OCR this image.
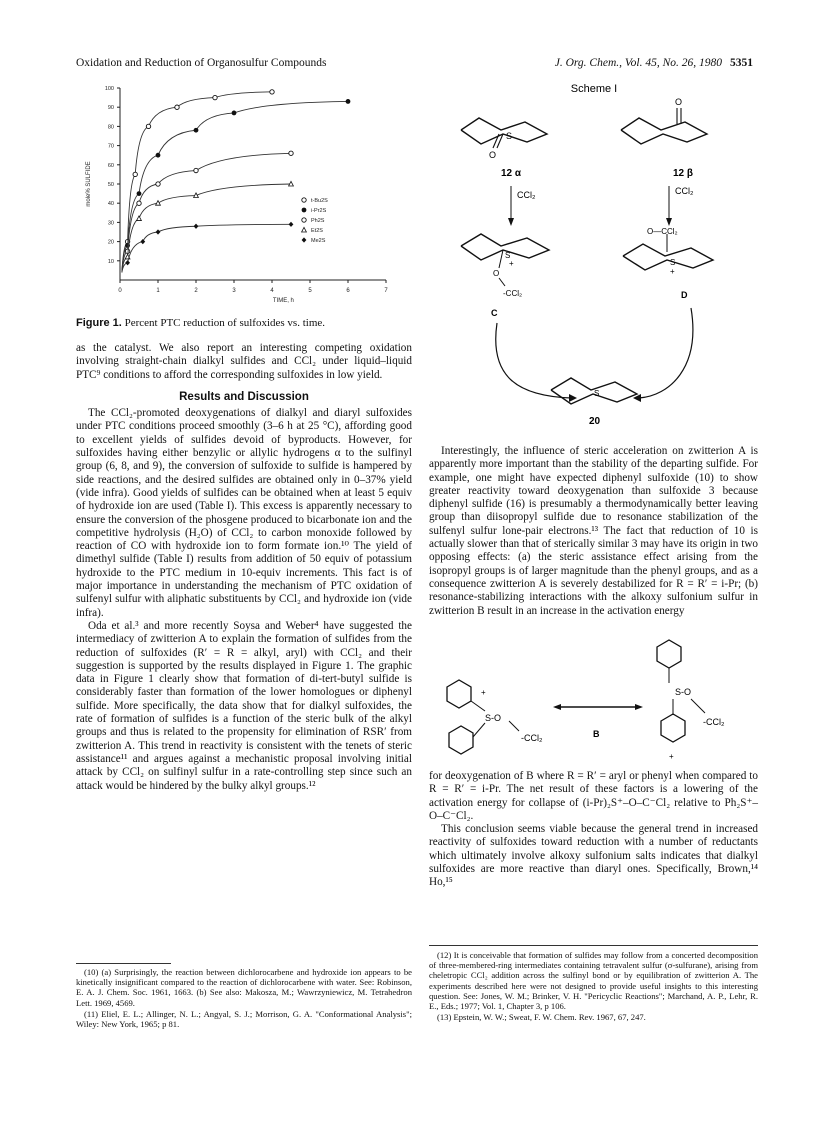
Oxidation and Reduction of Organosulfur Compounds	J. Org. Chem., Vol. 45, No. 26, 1980 5351
0	1	2	3	4	5	6	7
10
20
30
40
50
60
70
80
90
100
TIME, h
mole% SULFIDE	t-Bu2S
i-Pr2S
Ph2S
Et2S
Me2S
Figure 1. Percent PTC reduction of sulfoxides vs. time.

as the catalyst. We also report an interesting competing oxidation involving straight-chain dialkyl sulfides and CCl₂ under liquid–liquid PTC⁹ conditions to afford the corresponding sulfoxides in low yield.

Results and Discussion

The CCl₂-promoted deoxygenations of dialkyl and diaryl sulfoxides under PTC conditions proceed smoothly (3–6 h at 25 °C), affording good to excellent yields of sulfides devoid of byproducts. However, for sulfoxides having either benzylic or allylic hydrogens α to the sulfinyl group (6, 8, and 9), the conversion of sulfoxide to sulfide is hampered by side reactions, and the desired sulfides are obtained only in 0–37% yield (vide infra). Good yields of sulfides can be obtained when at least 5 equiv of hydroxide ion are used (Table I). This excess is apparently necessary to ensure the conversion of the phosgene produced to bicarbonate ion and the competitive hydrolysis (H₂O) of CCl₂ to carbon monoxide followed by reaction of CO with hydroxide ion to form formate ion.¹⁰ The yield of dimethyl sulfide (Table I) results from addition of 50 equiv of potassium hydroxide to the PTC medium in 10-equiv increments. This fact is of major importance in understanding the mechanism of PTC oxidation of sulfenyl sulfur with aliphatic substituents by CCl₂ and hydroxide ion (vide infra).

Oda et al.³ and more recently Soysa and Weber⁴ have suggested the intermediacy of zwitterion A to explain the formation of sulfides from the reduction of sulfoxides (R′ = R = alkyl, aryl) with CCl₂ and their suggestion is supported by the results displayed in Figure 1. The graphic data in Figure 1 clearly show that formation of di-tert-butyl sulfide is considerably faster than formation of the lower homologues or diphenyl sulfide. More specifically, the data show that for dialkyl sulfoxides, the rate of formation of sulfides is a function of the steric bulk of the alkyl groups and thus is related to the propensity for elimination of RSR′ from zwitterion A. This trend in reactivity is consistent with the tenets of steric assistance¹¹ and argues against a mechanistic proposal involving initial attack by CCl₂ on sulfinyl sulfur in a rate-controlling step since such an attack would be hindered by the bulky alkyl groups.¹²

(10) (a) Surprisingly, the reaction between dichlorocarbene and hydroxide ion appears to be kinetically insignificant compared to the reaction of dichlorocarbene with water. See: Robinson, E. A. J. Chem. Soc. 1961, 1663. (b) See also: Makosza, M.; Wawrzyniewicz, M. Tetrahedron Lett. 1969, 4569.

(11) Eliel, E. L.; Allinger, N. L.; Angyal, S. J.; Morrison, G. A. "Conformational Analysis"; Wiley: New York, 1965; p 81.

Scheme I
S
O
12 α
O
12 β
CCl₂	CCl₂
S
+
O
-CCl₂
C
S
+
O—CCl₂
D
S
20

Interestingly, the influence of steric acceleration on zwitterion A is apparently more important than the stability of the departing sulfide. For example, one might have expected diphenyl sulfoxide (10) to show greater reactivity toward deoxygenation than sulfoxide 3 because diphenyl sulfide (16) is presumably a thermodynamically better leaving group than diisopropyl sulfide due to resonance stabilization of the sulfenyl sulfur lone-pair electrons.¹³ The fact that reduction of 10 is actually slower than that of sterically similar 3 may have its origin in two opposing effects: (a) the steric assistance effect arising from the isopropyl groups is of larger magnitude than the phenyl groups, and as a consequence zwitterion A is severely destabilized for R = R′ = i-Pr; (b) resonance-stabilizing interactions with the alkoxy sulfonium sulfur in zwitterion B result in an increase in the activation energy

+
S-O
-CCl₂	B
S-O
-CCl₂
+

for deoxygenation of B where R = R′ = aryl or phenyl when compared to R = R′ = i-Pr. The net result of these factors is a lowering of the activation energy for collapse of (i-Pr)₂S⁺–O–C⁻Cl₂ relative to Ph₂S⁺–O–C⁻Cl₂.

This conclusion seems viable because the general trend in increased reactivity of sulfoxides toward reduction with a number of reductants which ultimately involve alkoxy sulfonium salts indicates that dialkyl sulfoxides are more reactive than diaryl ones. Specifically, Brown,¹⁴ Ho,¹⁵

(12) It is conceivable that formation of sulfides may follow from a concerted decomposition of three-membered-ring intermediates containing tetravalent sulfur (σ-sulfurane), arising from cheletropic CCl₂ addition across the sulfinyl bond or by equilibration of zwitterion A. The experiments described here were not designed to provide useful insights to this interesting question. See: Jones, W. M.; Brinker, V. H. "Pericyclic Reactions"; Marchand, A. P., Lehr, R. E., Eds.; 1977; Vol. 1, Chapter 3, p 106.

(13) Epstein, W. W.; Sweat, F. W. Chem. Rev. 1967, 67, 247.
